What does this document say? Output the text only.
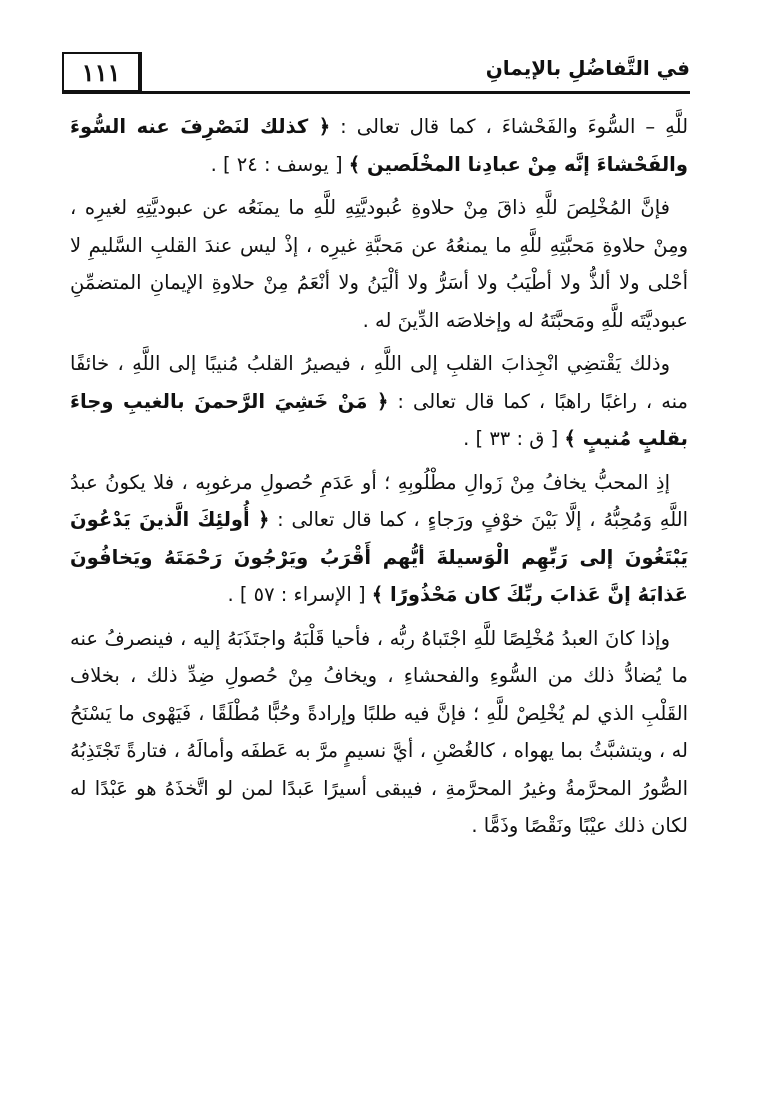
١١١	في التَّفاضُلِ بالإيمانِ

للَّهِ – السُّوءَ والفَحْشاءَ ، كما قال تعالى : ﴿ كذلك لنَصْرِفَ عنه السُّوءَ والفَحْشاءَ إنَّه مِنْ عبادِنا المخْلَصين ﴾ [ يوسف : ٢٤ ] .

فإنَّ المُخْلِصَ للَّهِ ذاقَ مِنْ حلاوةِ عُبوديَّتِهِ للَّهِ ما يمنَعُه عن عبوديَّتِهِ لغيرِه ، ومِنْ حلاوةِ مَحبَّتِهِ للَّهِ ما يمنعُهُ عن مَحبَّةِ غيرِه ، إذْ ليس عندَ القلبِ السَّليمِ لا أحْلى ولا ألذُّ ولا أطْيَبُ ولا أسَرُّ ولا ألْيَنُ ولا أنْعَمُ مِنْ حلاوةِ الإيمانِ المتضمِّنِ عبوديَّتَه للَّهِ ومَحبَّتَهُ له وإخلاصَه الدِّينَ له .

وذلك يَقْتضِي انْجِذابَ القلبِ إلى اللَّهِ ، فيصيرُ القلبُ مُنيبًا إلى اللَّهِ ، خائفًا منه ، راغبًا راهبًا ، كما قال تعالى : ﴿ مَنْ خَشِيَ الرَّحمنَ بالغيبِ وجاءَ بقلبٍ مُنيبٍ ﴾ [ ق : ٣٣ ] .

إذِ المحبُّ يخافُ مِنْ زَوالِ مطْلُوبِهِ ؛ أو عَدَمِ حُصولِ مرغوبِه ، فلا يكونُ عبدُ اللَّهِ وَمُحِبُّهُ ، إلَّا بَيْنَ خوْفٍ ورَجاءٍ ، كما قال تعالى : ﴿ أُولئِكَ الَّذينَ يَدْعُونَ يَبْتَغُونَ إلى رَبِّهِم الْوَسيلةَ أيُّهم أَقْرَبُ ويَرْجُونَ رَحْمَتَهُ ويَخافُونَ عَذابَهُ إنَّ عَذابَ ربِّكَ كان مَحْذُورًا ﴾ [ الإسراء : ٥٧ ] .

وإذا كانَ العبدُ مُخْلِصًا للَّهِ اجْتَباهُ ربُّه ، فأحيا قَلْبَهُ واجتَذَبَهُ إليه ، فينصرفُ عنه ما يُضادُّ ذلك من السُّوءِ والفحشاءِ ، ويخافُ مِنْ حُصولِ ضِدِّ ذلك ، بخلاف القَلْبِ الذي لم يُخْلِصْ للَّهِ ؛ فإنَّ فيه طلبًا وإرادةً وحُبًّا مُطْلَقًا ، فَيَهْوى ما يَسْنَحُ له ، ويتشبَّثُ بما يهواه ، كالغُصْنِ ، أيَّ نسيمٍ مرَّ به عَطفَه وأمالَهُ ، فتارةً تَجْتَذِبُهُ الصُّورُ المحرَّمةُ وغيرُ المحرَّمةِ ، فيبقى أسيرًا عَبدًا لمن لو اتَّخذَهُ هو عَبْدًا له لكان ذلك عيْبًا ونَقْصًا وذَمًّا .
